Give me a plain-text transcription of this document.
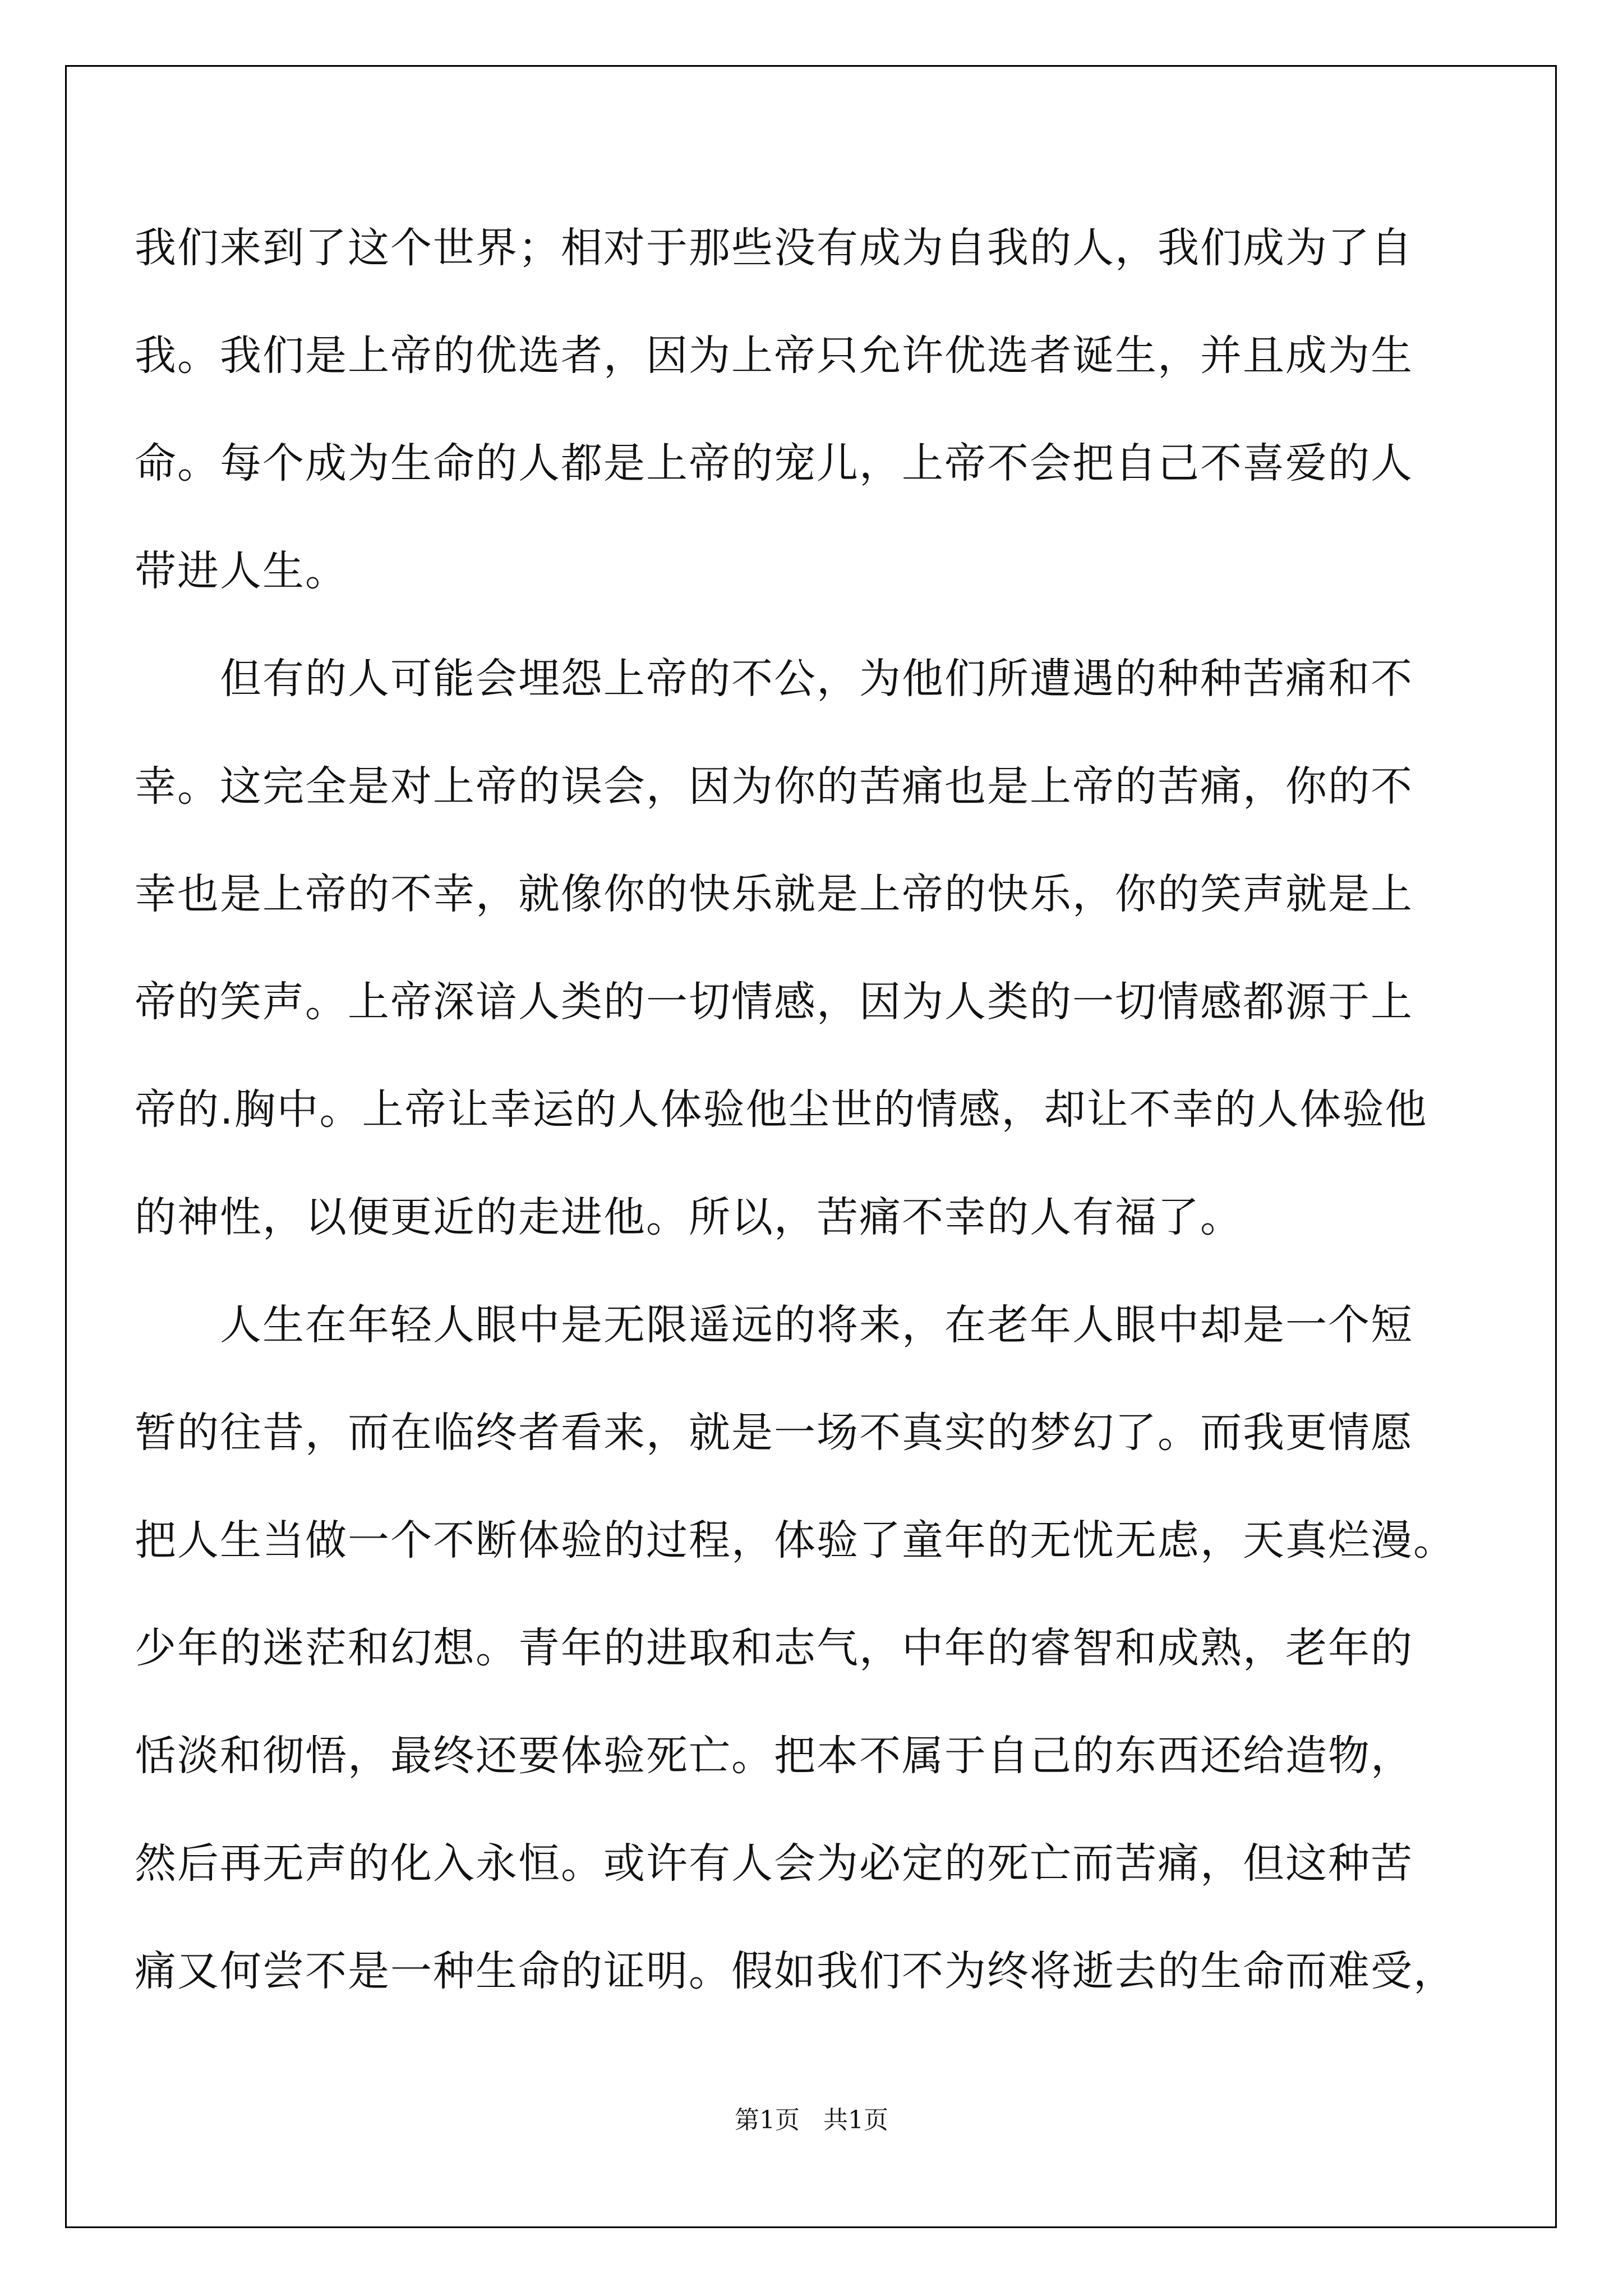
我们来到了这个世界；相对于那些没有成为自我的人，我们成为了自
我。我们是上帝的优选者，因为上帝只允许优选者诞生，并且成为生
命。每个成为生命的人都是上帝的宠儿，上帝不会把自己不喜爱的人
带进人生。
　　但有的人可能会埋怨上帝的不公，为他们所遭遇的种种苦痛和不
幸。这完全是对上帝的误会，因为你的苦痛也是上帝的苦痛，你的不
幸也是上帝的不幸，就像你的快乐就是上帝的快乐，你的笑声就是上
帝的笑声。上帝深谙人类的一切情感，因为人类的一切情感都源于上
帝的.胸中。上帝让幸运的人体验他尘世的情感，却让不幸的人体验他
的神性，以便更近的走进他。所以，苦痛不幸的人有福了。
　　人生在年轻人眼中是无限遥远的将来，在老年人眼中却是一个短
暂的往昔，而在临终者看来，就是一场不真实的梦幻了。而我更情愿
把人生当做一个不断体验的过程，体验了童年的无忧无虑，天真烂漫。
少年的迷茫和幻想。青年的进取和志气，中年的睿智和成熟，老年的
恬淡和彻悟，最终还要体验死亡。把本不属于自己的东西还给造物，
然后再无声的化入永恒。或许有人会为必定的死亡而苦痛，但这种苦
痛又何尝不是一种生命的证明。假如我们不为终将逝去的生命而难受，
第1页 共1页
